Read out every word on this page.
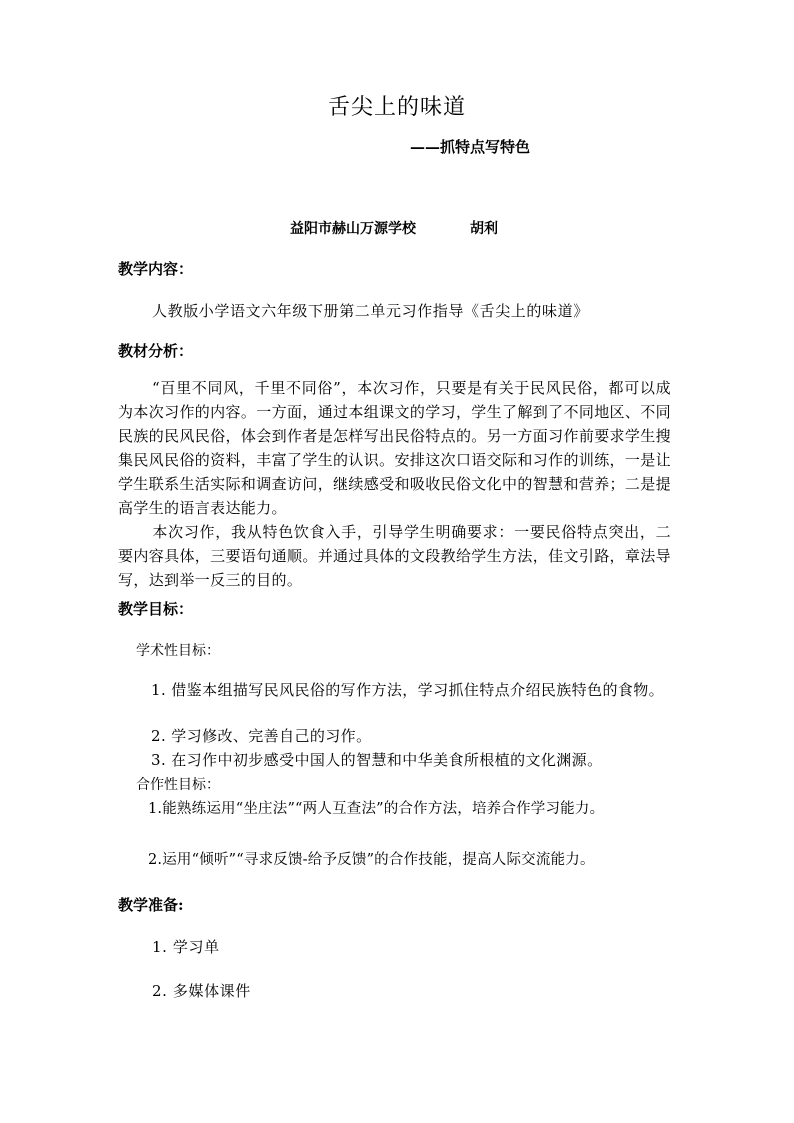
舌尖上的味道
——抓特点写特色
益阳市赫山万源学校	胡利
教学内容：
人教版小学语文六年级下册第二单元习作指导《舌尖上的味道》
教材分析：
“百里不同风，千里不同俗”，本次习作，只要是有关于民风民俗，都可以成为本次习作的内容。一方面，通过本组课文的学习，学生了解到了不同地区、不同民族的民风民俗，体会到作者是怎样写出民俗特点的。另一方面习作前要求学生搜集民风民俗的资料，丰富了学生的认识。安排这次口语交际和习作的训练，一是让学生联系生活实际和调查访问，继续感受和吸收民俗文化中的智慧和营养；二是提高学生的语言表达能力。
本次习作，我从特色饮食入手，引导学生明确要求：一要民俗特点突出，二要内容具体，三要语句通顺。并通过具体的文段教给学生方法，佳文引路，章法导写，达到举一反三的目的。
教学目标：
学术性目标：
1. 借鉴本组描写民风民俗的写作方法，学习抓住特点介绍民族特色的食物。
2. 学习修改、完善自己的习作。
3. 在习作中初步感受中国人的智慧和中华美食所根植的文化渊源。
合作性目标：
1.能熟练运用“坐庄法”“两人互查法”的合作方法，培养合作学习能力。
2.运用“倾听”“寻求反馈-给予反馈”的合作技能，提高人际交流能力。
教学准备:
1. 学习单
2. 多媒体课件
